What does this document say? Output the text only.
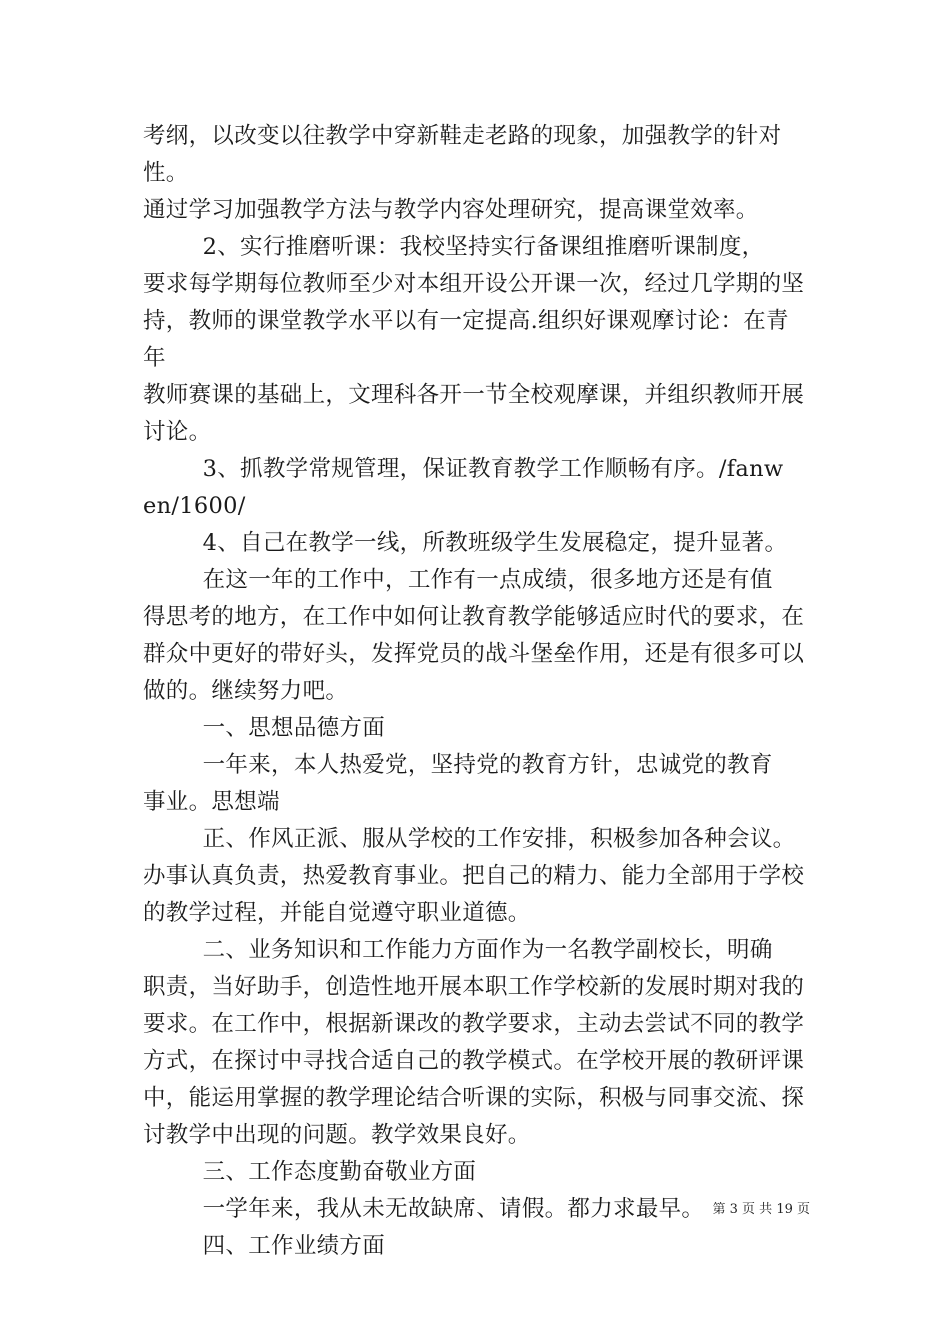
考纲，以改变以往教学中穿新鞋走老路的现象，加强教学的针对性。

通过学习加强教学方法与教学内容处理研究，提高课堂效率。

2、实行推磨听课：我校坚持实行备课组推磨听课制度，

要求每学期每位教师至少对本组开设公开课一次，经过几学期的坚

持，教师的课堂教学水平以有一定提高.组织好课观摩讨论：在青年

教师赛课的基础上，文理科各开一节全校观摩课，并组织教师开展

讨论。

3、抓教学常规管理，保证教育教学工作顺畅有序。/fanw

en/1600/

4、自己在教学一线，所教班级学生发展稳定，提升显著。

在这一年的工作中，工作有一点成绩，很多地方还是有值

得思考的地方，在工作中如何让教育教学能够适应时代的要求，在

群众中更好的带好头，发挥党员的战斗堡垒作用，还是有很多可以

做的。继续努力吧。

一、思想品德方面

一年来，本人热爱党，坚持党的教育方针，忠诚党的教育

事业。思想端

正、作风正派、服从学校的工作安排，积极参加各种会议。

办事认真负责，热爱教育事业。把自己的精力、能力全部用于学校

的教学过程，并能自觉遵守职业道德。

二、业务知识和工作能力方面作为一名教学副校长，明确

职责，当好助手，创造性地开展本职工作学校新的发展时期对我的

要求。在工作中，根据新课改的教学要求，主动去尝试不同的教学

方式，在探讨中寻找合适自己的教学模式。在学校开展的教研评课

中，能运用掌握的教学理论结合听课的实际，积极与同事交流、探

讨教学中出现的问题。教学效果良好。

三、工作态度勤奋敬业方面

一学年来，我从未无故缺席、请假。都力求最早。

四、工作业绩方面

第 3 页 共 19 页
